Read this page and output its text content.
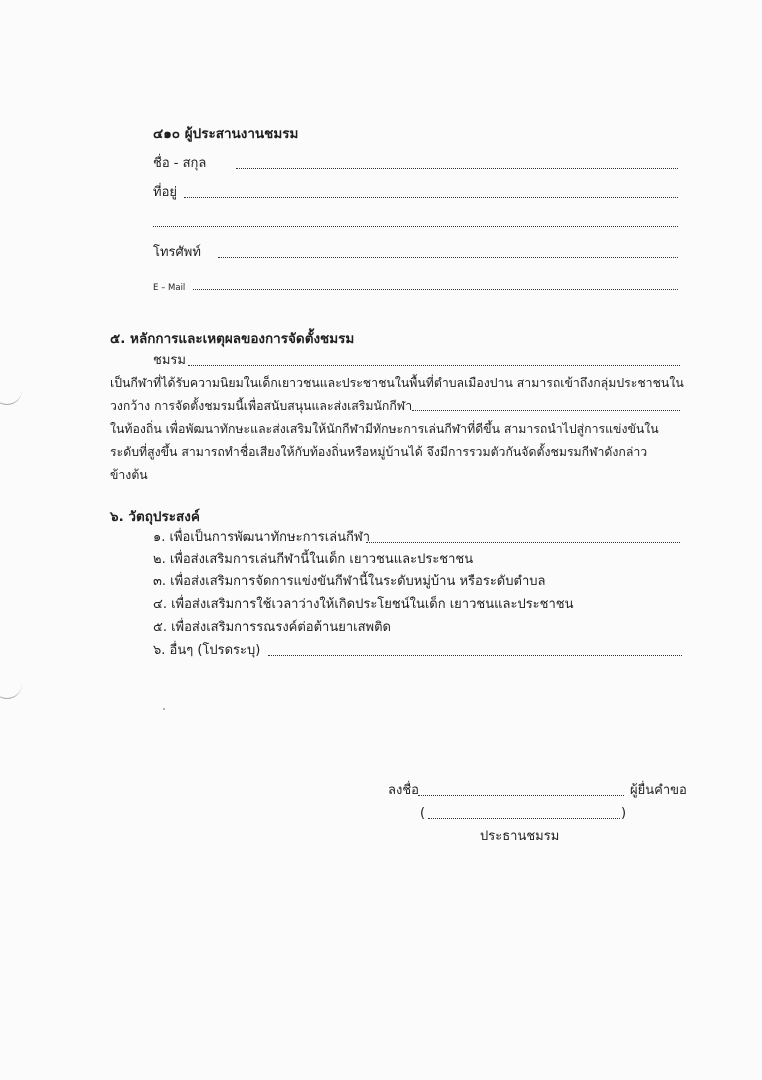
๔๑๐ ผู้ประสานงานชมรม
ชื่อ - สกุล
ที่อยู่
โทรศัพท์
E – Mail
๕. หลักการและเหตุผลของการจัดตั้งชมรม
ชมรม
เป็นกีฬาที่ได้รับความนิยมในเด็กเยาวชนและประชาชนในพื้นที่ตำบลเมืองปาน สามารถเข้าถึงกลุ่มประชาชนใน
วงกว้าง การจัดตั้งชมรมนี้เพื่อสนับสนุนและส่งเสริมนักกีฬา
ในท้องถิ่น เพื่อพัฒนาทักษะและส่งเสริมให้นักกีฬามีทักษะการเล่นกีฬาที่ดีขึ้น สามารถนำไปสู่การแข่งขันใน
ระดับที่สูงขึ้น สามารถทำชื่อเสียงให้กับท้องถิ่นหรือหมู่บ้านได้ จึงมีการรวมตัวกันจัดตั้งชมรมกีฬาดังกล่าว
ข้างต้น
๖. วัตถุประสงค์
๑. เพื่อเป็นการพัฒนาทักษะการเล่นกีฬา
๒. เพื่อส่งเสริมการเล่นกีฬานี้ในเด็ก เยาวชนและประชาชน
๓. เพื่อส่งเสริมการจัดการแข่งขันกีฬานี้ในระดับหมู่บ้าน หรือระดับตำบล
๔. เพื่อส่งเสริมการใช้เวลาว่างให้เกิดประโยชน์ในเด็ก เยาวชนและประชาชน
๕. เพื่อส่งเสริมการรณรงค์ต่อต้านยาเสพติด
๖. อื่นๆ (โปรดระบุ)
ลงชื่อ	ผู้ยื่นคำขอ
(	)
ประธานชมรม
